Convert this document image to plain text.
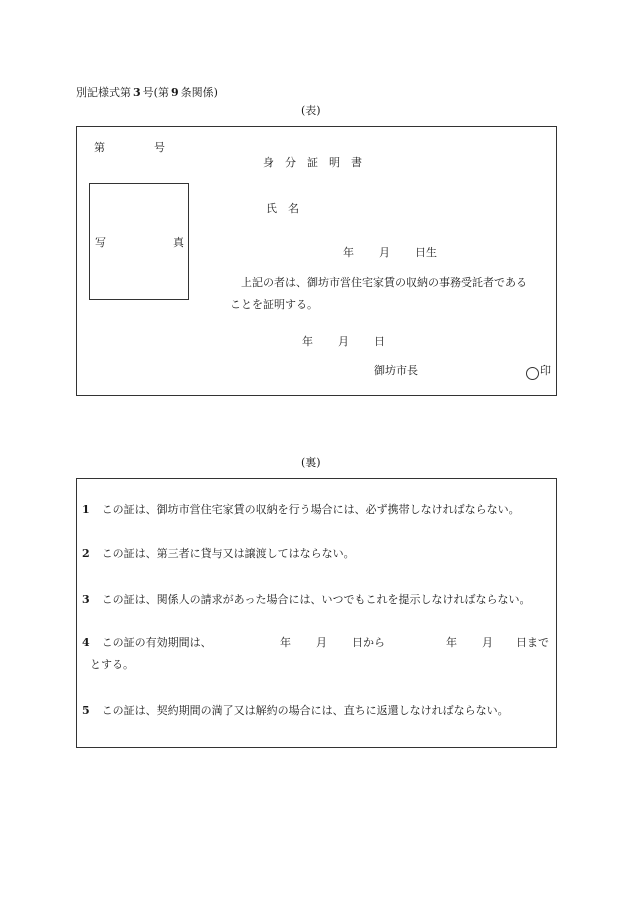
別記様式第 3 号(第 9 条関係)
(表)
第	号
身　分　証　明　書
写	真
氏　名
年 月 日生
上記の者は、御坊市営住宅家賃の収納の事務受託者である
ことを証明する。
年 月 日
御坊市長	印
(裏)
1 この証は、御坊市営住宅家賃の収納を行う場合には、必ず携帯しなければならない。
2 この証は、第三者に貸与又は譲渡してはならない。
3 この証は、関係人の請求があった場合には、いつでもこれを提示しなければならない。
4 この証の有効期間は、	年 月 日から	年 月 日まで
とする。
5 この証は、契約期間の満了又は解約の場合には、直ちに返還しなければならない。
